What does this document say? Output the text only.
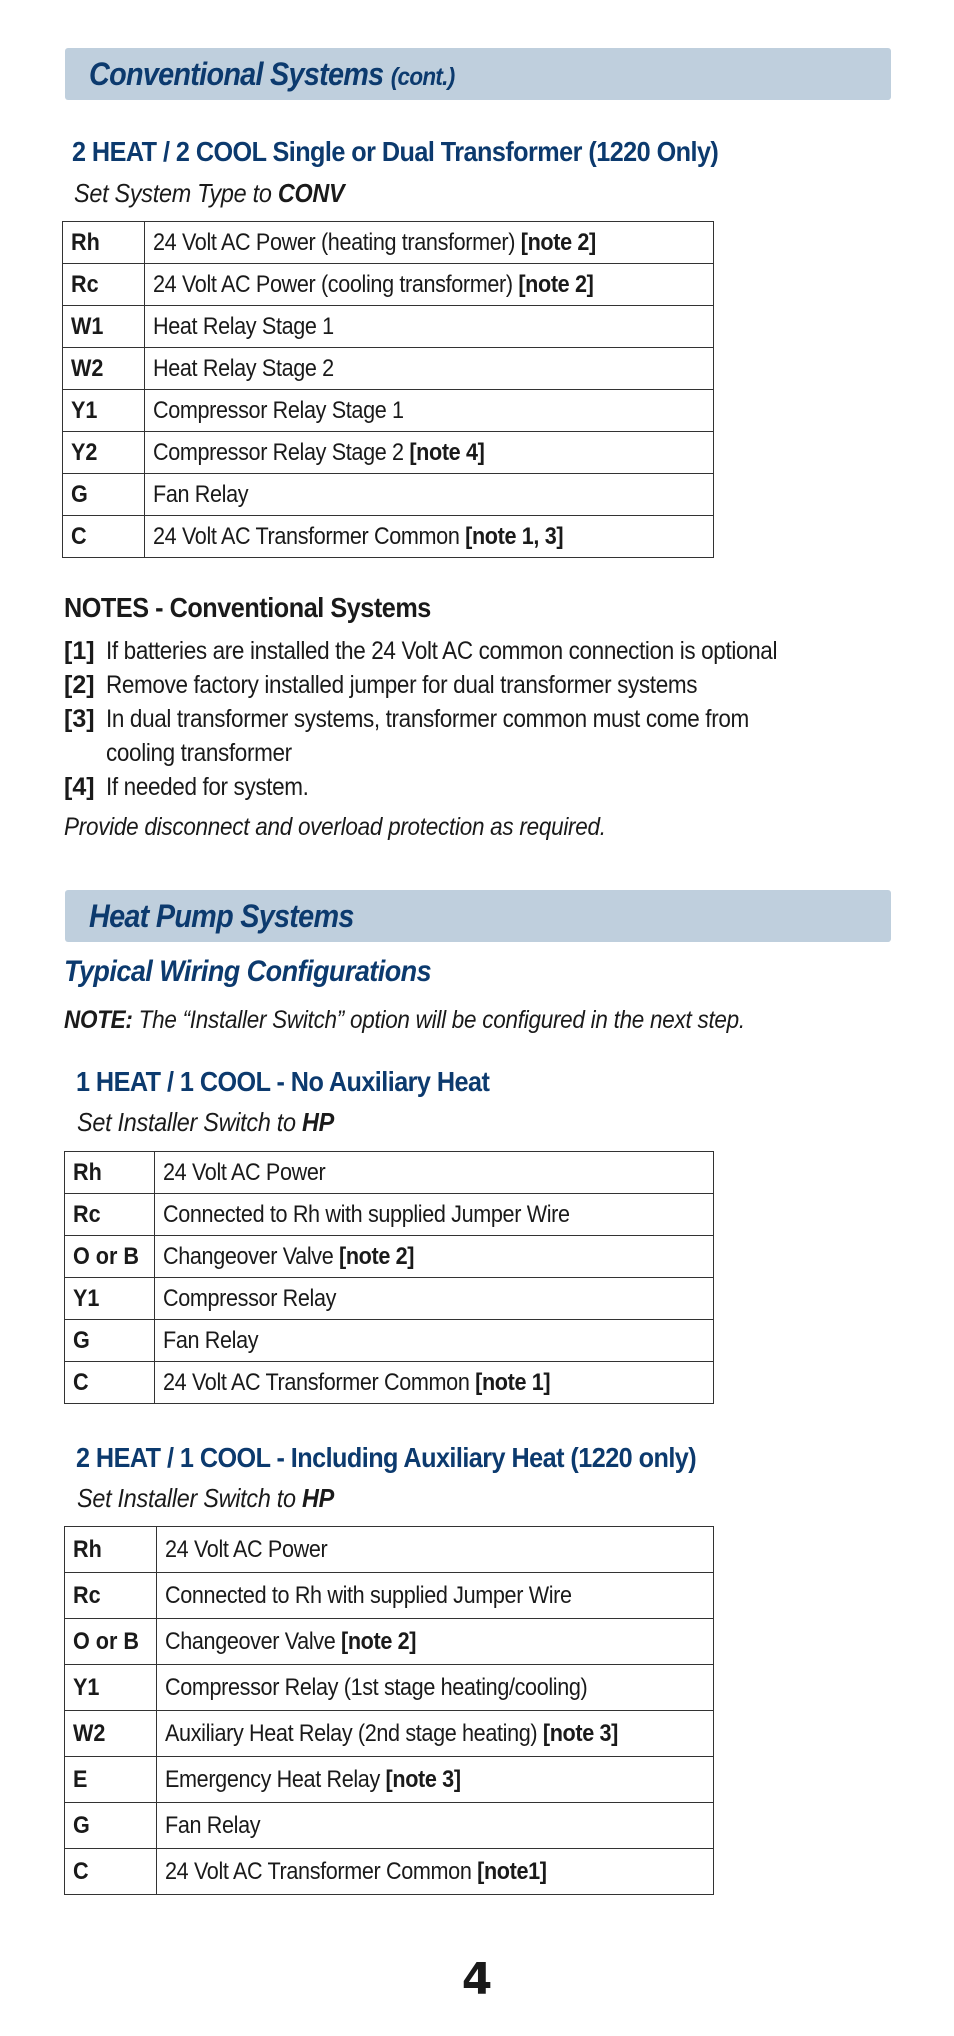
Conventional Systems (cont.)
2 HEAT / 2 COOL Single or Dual Transformer (1220 Only)
Set System Type to CONV
Rh	24 Volt AC Power (heating transformer) [note 2]
Rc	24 Volt AC Power (cooling transformer) [note 2]
W1	Heat Relay Stage 1
W2	Heat Relay Stage 2
Y1	Compressor Relay Stage 1
Y2	Compressor Relay Stage 2 [note 4]
G	Fan Relay
C	24 Volt AC Transformer Common [note 1, 3]
NOTES - Conventional Systems
[1] If batteries are installed the 24 Volt AC common connection is optional
[2] Remove factory installed jumper for dual transformer systems
[3] In dual transformer systems, transformer common must come from
cooling transformer
[4] If needed for system.
Provide disconnect and overload protection as required.
Heat Pump Systems
Typical Wiring Configurations
NOTE: The “Installer Switch” option will be configured in the next step.
1 HEAT / 1 COOL - No Auxiliary Heat
Set Installer Switch to HP
Rh	24 Volt AC Power
Rc	Connected to Rh with supplied Jumper Wire
O or B	Changeover Valve [note 2]
Y1	Compressor Relay
G	Fan Relay
C	24 Volt AC Transformer Common [note 1]
2 HEAT / 1 COOL - Including Auxiliary Heat (1220 only)
Set Installer Switch to HP
Rh	24 Volt AC Power
Rc	Connected to Rh with supplied Jumper Wire
O or B	Changeover Valve [note 2]
Y1	Compressor Relay (1st stage heating/cooling)
W2	Auxiliary Heat Relay (2nd stage heating) [note 3]
E	Emergency Heat Relay [note 3]
G	Fan Relay
C	24 Volt AC Transformer Common [note1]
4
